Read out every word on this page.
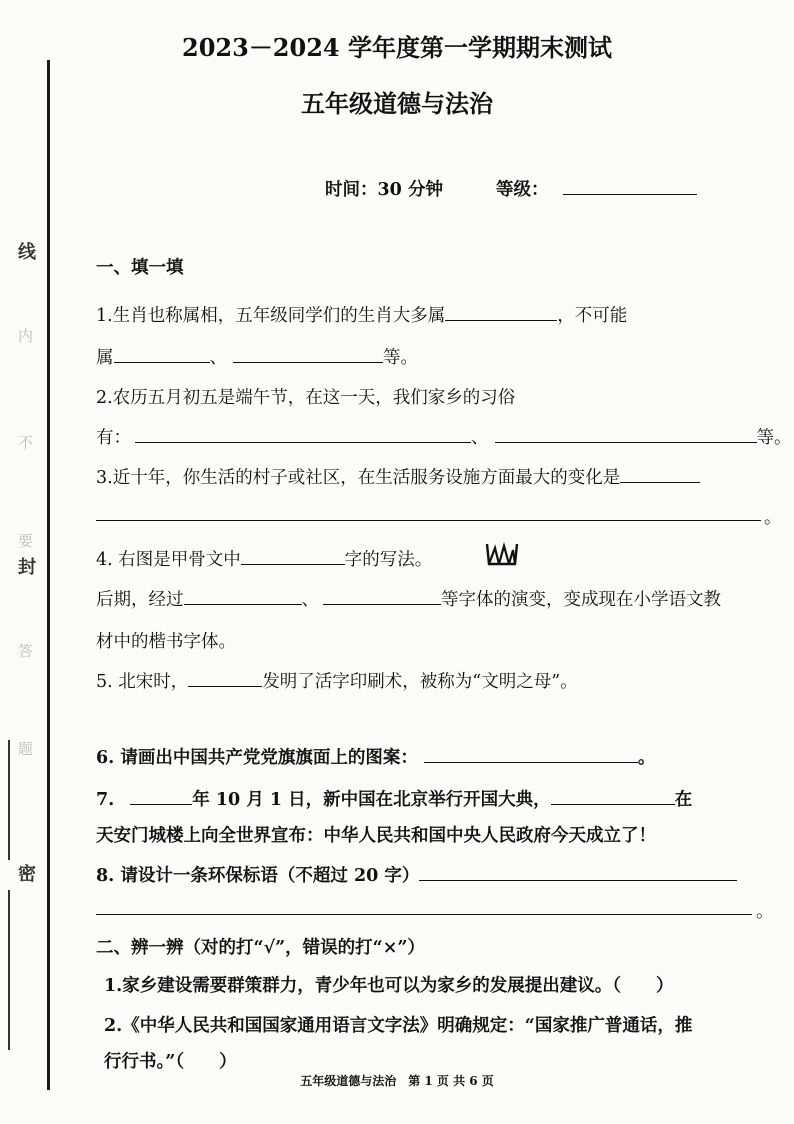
线
内
不
要
封
答
题
密
2023－2024 学年度第一学期期末测试
五年级道德与法治
时间：30 分钟	等级：
一、填一填
1.生肖也称属相，五年级同学们的生肖大多属	，不可能
属	、	等。
2.农历五月初五是端午节，在这一天，我们家乡的习俗
有：	、	等。
3.近十年，你生活的村子或社区，在生活服务设施方面最大的变化是
。
4. 右图是甲骨文中	字的写法。
后期，经过	、	等字体的演变，变成现在小学语文教
材中的楷书字体。
5. 北宋时，	发明了活字印刷术，被称为“文明之母”。
6. 请画出中国共产党党旗旗面上的图案：	。
7.	年 10 月 1 日，新中国在北京举行开国大典，	在
天安门城楼上向全世界宣布：中华人民共和国中央人民政府今天成立了！
8. 请设计一条环保标语（不超过 20 字）
。
二、辨一辨（对的打“√”，错误的打“×”）
1.家乡建设需要群策群力，青少年也可以为家乡的发展提出建议。（　　）
2.《中华人民共和国国家通用语言文字法》明确规定：“国家推广普通话，推
行行书。”（　　）
五年级道德与法治　第 1 页 共 6 页
